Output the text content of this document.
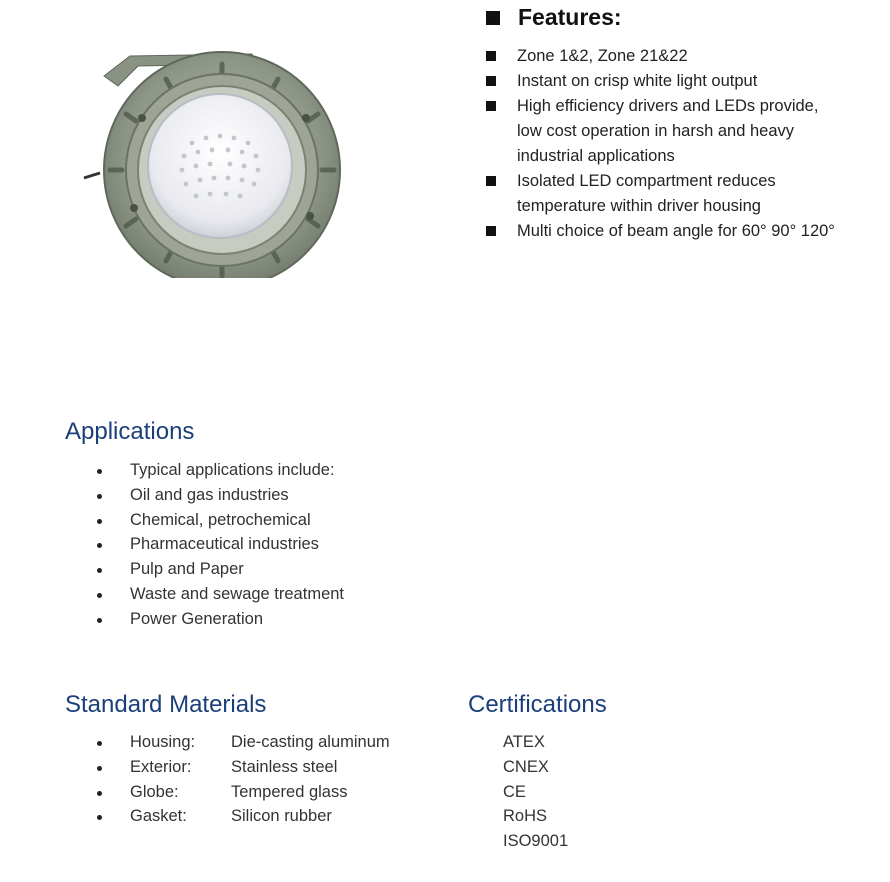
Features:
Zone 1&2, Zone 21&22
Instant on crisp white light output
High efficiency drivers and LEDs provide, low cost operation in harsh and heavy industrial applications
Isolated LED compartment reduces temperature within driver housing
Multi choice of beam angle for 60° 90° 120°
Applications
Typical applications include:
Oil and gas industries
Chemical, petrochemical
Pharmaceutical industries
Pulp and Paper
Waste and sewage treatment
Power Generation
Standard Materials
Housing: Die-casting aluminum
Exterior: Stainless steel
Globe:	Tempered glass
Gasket:	Silicon rubber
Certifications
ATEX
CNEX
CE
RoHS
ISO9001
